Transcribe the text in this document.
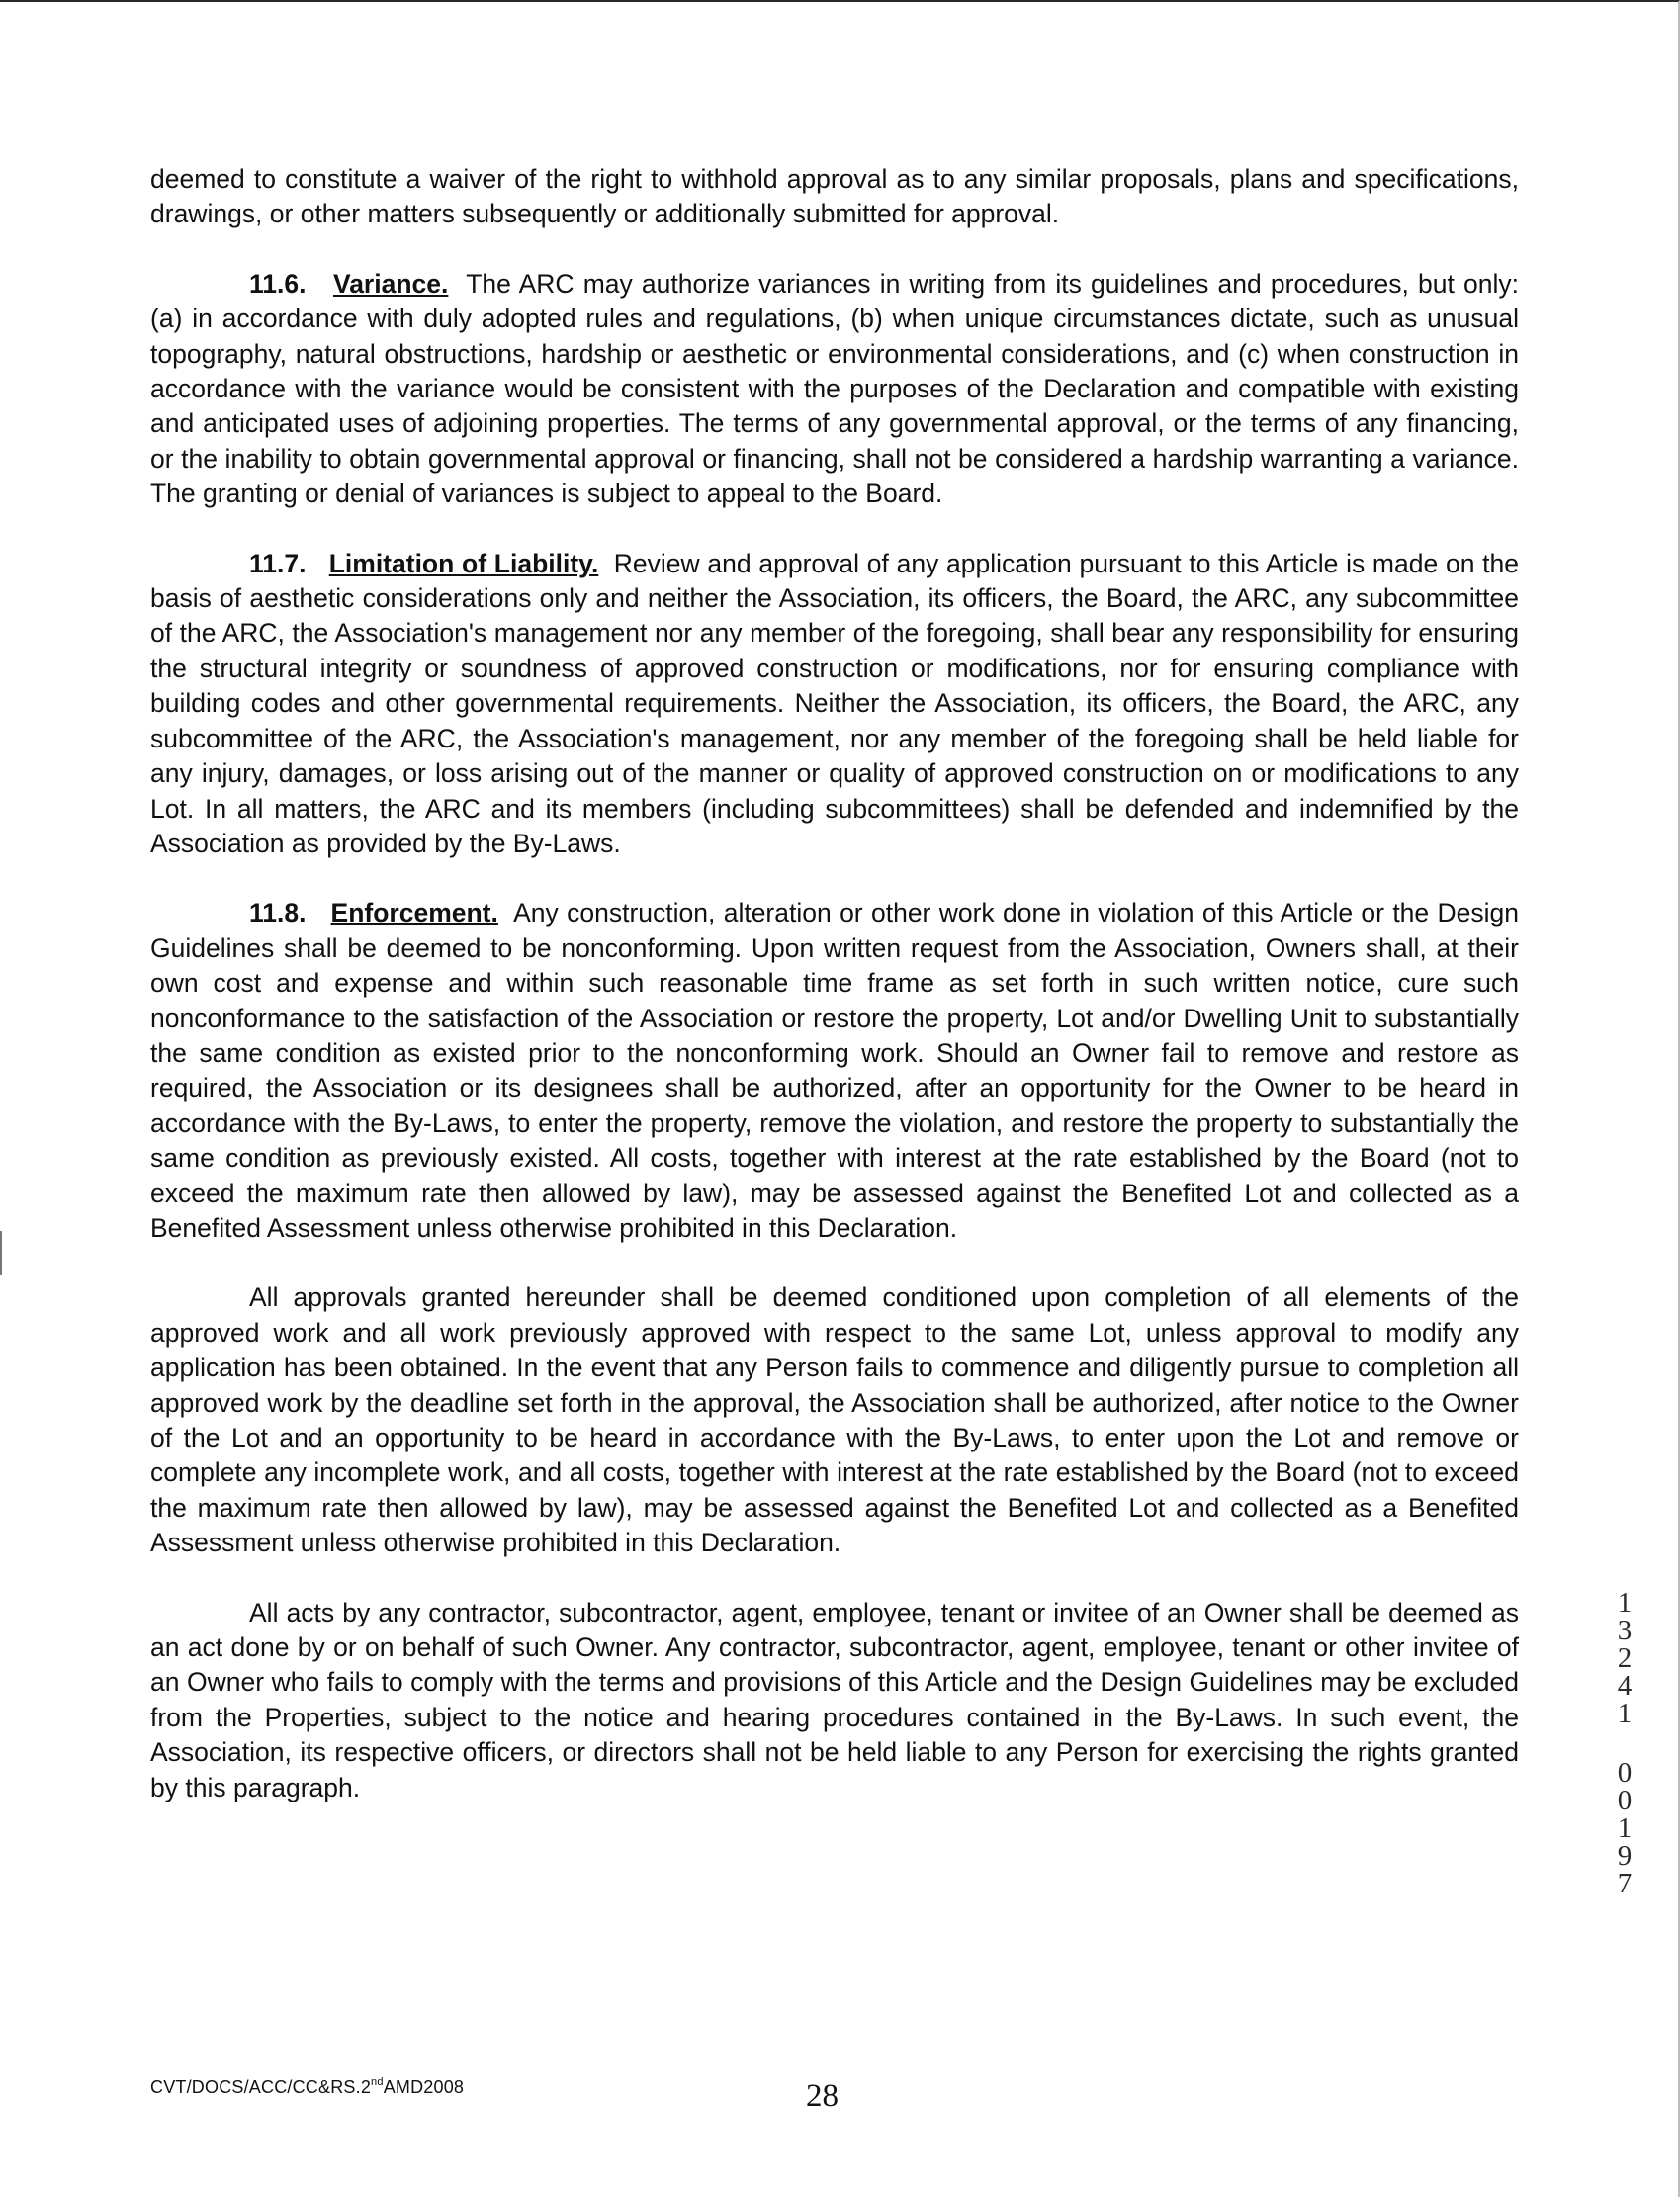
deemed to constitute a waiver of the right to withhold approval as to any similar proposals, plans and specifications, drawings, or other matters subsequently or additionally submitted for approval.

11.6. Variance. The ARC may authorize variances in writing from its guidelines and procedures, but only: (a) in accordance with duly adopted rules and regulations, (b) when unique circumstances dictate, such as unusual topography, natural obstructions, hardship or aesthetic or environmental considerations, and (c) when construction in accordance with the variance would be consistent with the purposes of the Declaration and compatible with existing and anticipated uses of adjoining properties. The terms of any governmental approval, or the terms of any financing, or the inability to obtain governmental approval or financing, shall not be considered a hardship warranting a variance. The granting or denial of variances is subject to appeal to the Board.

11.7. Limitation of Liability. Review and approval of any application pursuant to this Article is made on the basis of aesthetic considerations only and neither the Association, its officers, the Board, the ARC, any subcommittee of the ARC, the Association's management nor any member of the foregoing, shall bear any responsibility for ensuring the structural integrity or soundness of approved construction or modifications, nor for ensuring compliance with building codes and other governmental requirements. Neither the Association, its officers, the Board, the ARC, any subcommittee of the ARC, the Association's management, nor any member of the foregoing shall be held liable for any injury, damages, or loss arising out of the manner or quality of approved construction on or modifications to any Lot. In all matters, the ARC and its members (including subcommittees) shall be defended and indemnified by the Association as provided by the By-Laws.

11.8. Enforcement. Any construction, alteration or other work done in violation of this Article or the Design Guidelines shall be deemed to be nonconforming. Upon written request from the Association, Owners shall, at their own cost and expense and within such reasonable time frame as set forth in such written notice, cure such nonconformance to the satisfaction of the Association or restore the property, Lot and/or Dwelling Unit to substantially the same condition as existed prior to the nonconforming work. Should an Owner fail to remove and restore as required, the Association or its designees shall be authorized, after an opportunity for the Owner to be heard in accordance with the By-Laws, to enter the property, remove the violation, and restore the property to substantially the same condition as previously existed. All costs, together with interest at the rate established by the Board (not to exceed the maximum rate then allowed by law), may be assessed against the Benefited Lot and collected as a Benefited Assessment unless otherwise prohibited in this Declaration.

All approvals granted hereunder shall be deemed conditioned upon completion of all elements of the approved work and all work previously approved with respect to the same Lot, unless approval to modify any application has been obtained. In the event that any Person fails to commence and diligently pursue to completion all approved work by the deadline set forth in the approval, the Association shall be authorized, after notice to the Owner of the Lot and an opportunity to be heard in accordance with the By-Laws, to enter upon the Lot and remove or complete any incomplete work, and all costs, together with interest at the rate established by the Board (not to exceed the maximum rate then allowed by law), may be assessed against the Benefited Lot and collected as a Benefited Assessment unless otherwise prohibited in this Declaration.

All acts by any contractor, subcontractor, agent, employee, tenant or invitee of an Owner shall be deemed as an act done by or on behalf of such Owner. Any contractor, subcontractor, agent, employee, tenant or other invitee of an Owner who fails to comply with the terms and provisions of this Article and the Design Guidelines may be excluded from the Properties, subject to the notice and hearing procedures contained in the By-Laws. In such event, the Association, its respective officers, or directors shall not be held liable to any Person for exercising the rights granted by this paragraph.

CVT/DOCS/ACC/CC&RS.2ndAMD2008	28
1
3
2
4
1
0
0
1
9
7
